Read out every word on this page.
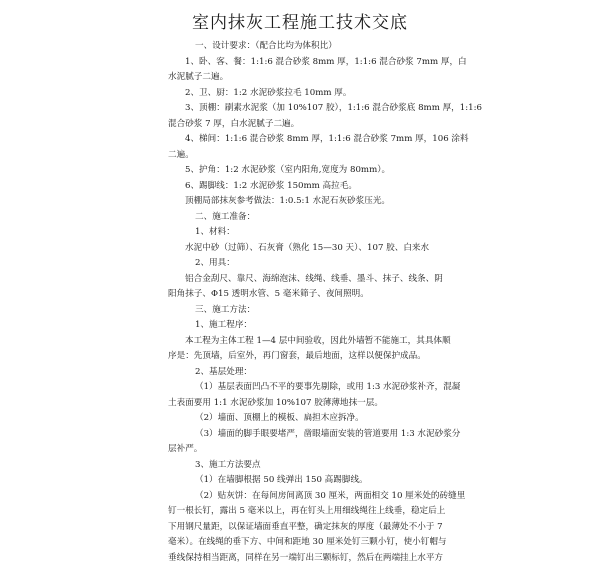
室内抹灰工程施工技术交底
一、设计要求：（配合比均为体积比）
1、卧、客、餐：1:1:6 混合砂浆 8mm 厚，1:1:6 混合砂浆 7mm 厚，白
水泥腻子二遍。
2、卫、厨：1:2 水泥砂浆拉毛 10mm 厚。
3、顶棚：刷素水泥浆（加 10%107 胶），1:1:6 混合砂浆底 8mm 厚，1:1:6
混合砂浆 7 厚，白水泥腻子二遍。
4、梯间：1:1:6 混合砂浆 8mm 厚，1:1:6 混合砂浆 7mm 厚，106 涂料
二遍。
5、护角：1:2 水泥砂浆（室内阳角,宽度为 80mm）。
6、踢脚线：1:2 水泥砂浆 150mm 高拉毛。
顶棚局部抹灰参考做法：1:0.5:1 水泥石灰砂浆压光。
二、施工准备：
1、材料：
水泥中砂（过筛）、石灰膏（熟化 15—30 天）、107 胶、白来水
2、用具：
铝合金刮尺、靠尺、海绵泡沫、线绳、线垂、墨斗、抹子、线条、阴
阳角抹子、Φ15 透明水管、5 毫米筛子、夜间照明。
三、施工方法：
1、施工程序：
本工程为主体工程 1—4 层中间验收，因此外墙暂不能施工，其具体顺
序是：先顶墙，后室外，再门窗套，最后地面，这样以便保护成品。
2、基层处理：
（1）基层表面凹凸不平的要事先剔除，或用 1:3 水泥砂浆补齐，混凝
土表面要用 1:1 水泥砂浆加 10%107 胶薄薄地抹一层。
（2）墙面、顶棚上的模板、扁担木应拆净。
（3）墙面的脚手眼要堵严，凿眼墙面安装的管道要用 1:3 水泥砂浆分
层补严。
3、施工方法要点
（1）在墙脚根据 50 线弹出 150 高踢脚线。
（2）贴灰饼：在每间房间离顶 30 厘米，两面相交 10 厘米处的砖缝里
钉一根长钉，露出 5 毫米以上，再在钉头上用细线绳往上线垂，稳定后上
下用钢尺量距，以保证墙面垂直平整，确定抹灰的厚度（最薄处不小于 7
毫米）。在线绳的垂下方、中间和距地 30 厘米处钉三颗小钉，使小钉帽与
垂线保持相当距离，同样在另一端钉出三颗标钉，然后在两端挂上水平方
